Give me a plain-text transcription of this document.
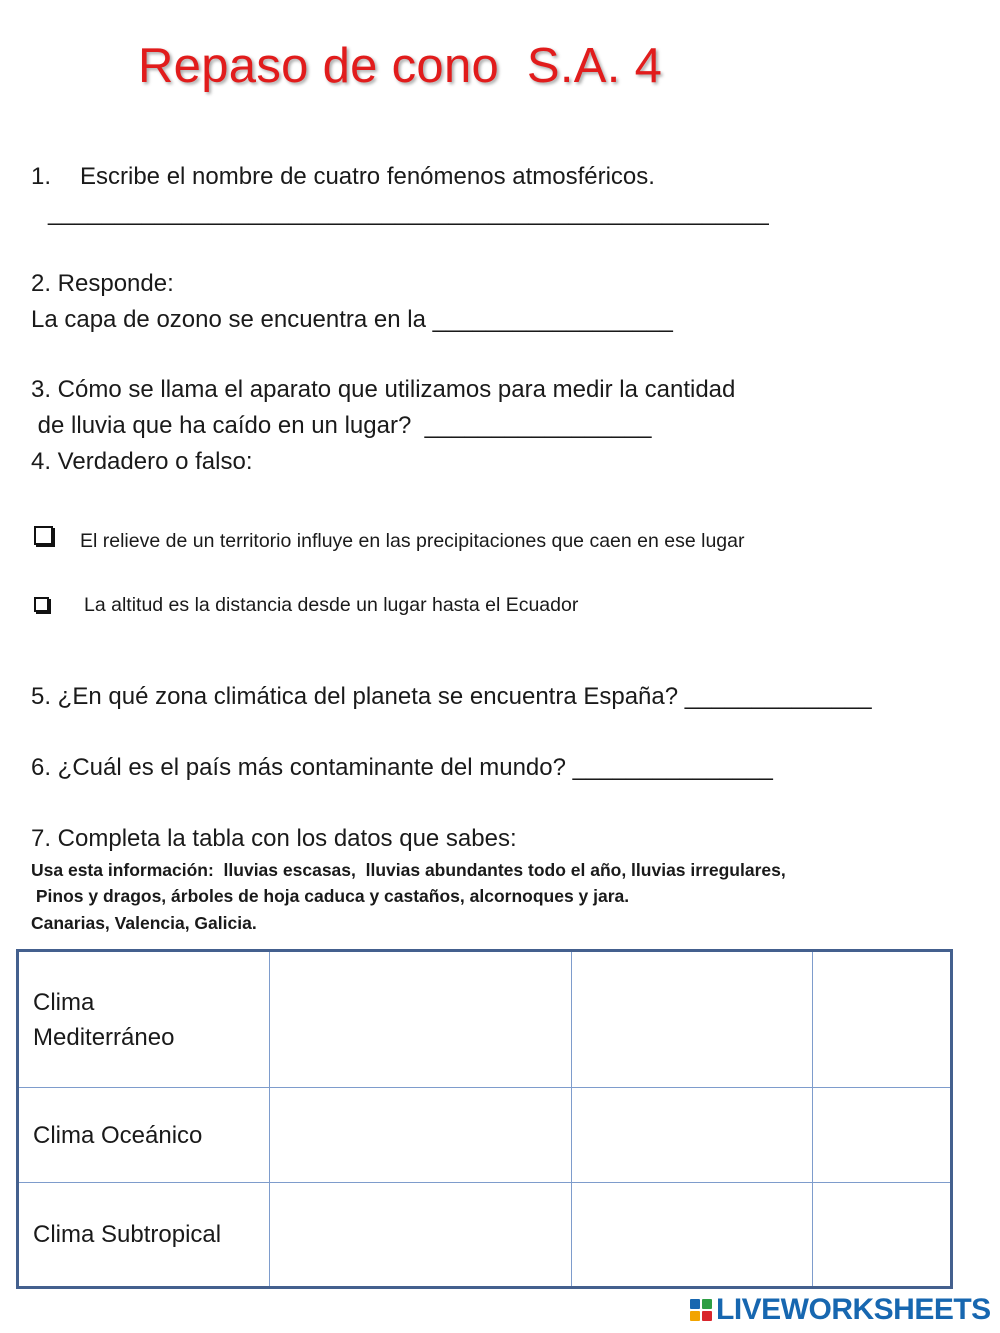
Repaso de cono  S.A. 4
1. Escribe el nombre de cuatro fenómenos atmosféricos.
______________________________________________________
2. Responde:
La capa de ozono se encuentra en la __________________
3. Cómo se llama el aparato que utilizamos para medir la cantidad
de lluvia que ha caído en un lugar?  _________________
4. Verdadero o falso:
El relieve de un territorio influye en las precipitaciones que caen en ese lugar
La altitud es la distancia desde un lugar hasta el Ecuador
5. ¿En qué zona climática del planeta se encuentra España? ______________
6. ¿Cuál es el país más contaminante del mundo? _______________
7. Completa la tabla con los datos que sabes:
Usa esta información:  lluvias escasas,  lluvias abundantes todo el año, lluvias irregulares,
Pinos y dragos, árboles de hoja caduca y castaños, alcornoques y jara.
Canarias, Valencia, Galicia.
Clima
Mediterráneo			

Clima Oceánico			
Clima Subtropical			
LIVEWORKSHEETS
